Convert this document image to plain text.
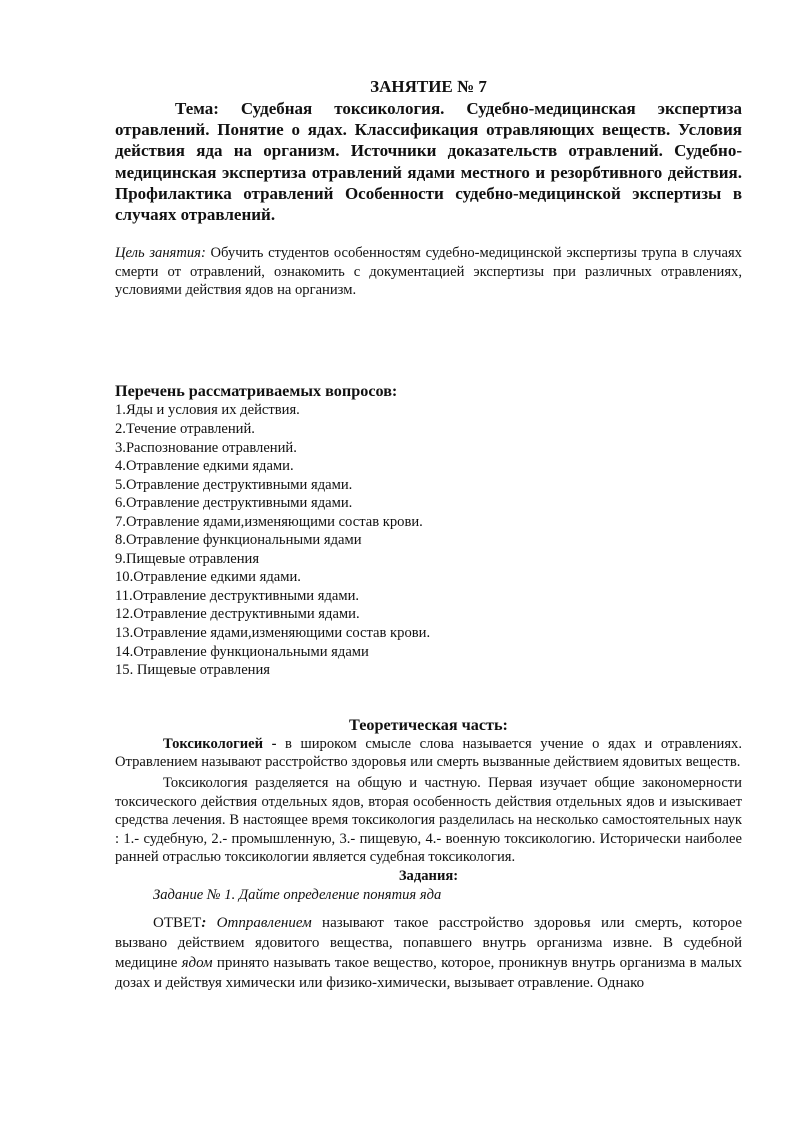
ЗАНЯТИЕ № 7

Тема: Судебная токсикология. Судебно-медицинская экспертиза отравлений. Понятие о ядах. Классификация отравляющих веществ. Условия действия яда на организм. Источники доказательств отравлений. Судебно-медицинская экспертиза отравлений ядами местного и резорбтивного действия. Профилактика отравлений Особенности судебно-медицинской экспертизы в случаях отравлений.

Цель занятия: Обучить студентов особенностям судебно-медицинской экспертизы трупа в случаях смерти от отравлений, ознакомить с документацией экспертизы при различных отравлениях, условиями действия ядов на организм.

Перечень рассматриваемых вопросов:
1.Яды и условия их действия.
2.Течение отравлений.
3.Распознование отравлений.
4.Отравление едкими ядами.
5.Отравление деструктивными ядами.
6.Отравление деструктивными ядами.
7.Отравление ядами,изменяющими состав крови.
8.Отравление функциональными ядами
9.Пищевые отравления
10.Отравление едкими ядами.
11.Отравление деструктивными ядами.
12.Отравление деструктивными ядами.
13.Отравление ядами,изменяющими состав крови.
14.Отравление функциональными ядами
15. Пищевые отравления
Теоретическая часть:

Токсикологией - в широком смысле слова называется учение о ядах и отравлениях. Отравлением называют расстройство здоровья или смерть вызванные действием ядовитых веществ.

Токсикология разделяется на общую и частную. Первая изучает общие закономерности токсического действия отдельных ядов, вторая особенность действия отдельных ядов и изыскивает средства лечения. В настоящее время токсикология разделилась на несколько самостоятельных наук : 1.- судебную, 2.- промышленную, 3.- пищевую, 4.- военную токсикологию. Исторически наиболее ранней отраслью токсикологии является судебная токсикология.

Задания:
Задание № 1. Дайте определение понятия яда

ОТВЕТ: Отправлением называют такое расстройство здоровья или смерть, которое вызвано действием ядовитого вещества, попавшего внутрь организма извне. В судебной медицине ядом принято называть такое вещество, которое, проникнув внутрь организма в малых дозах и действуя химически или физико-химически, вызывает отравление. Однако
